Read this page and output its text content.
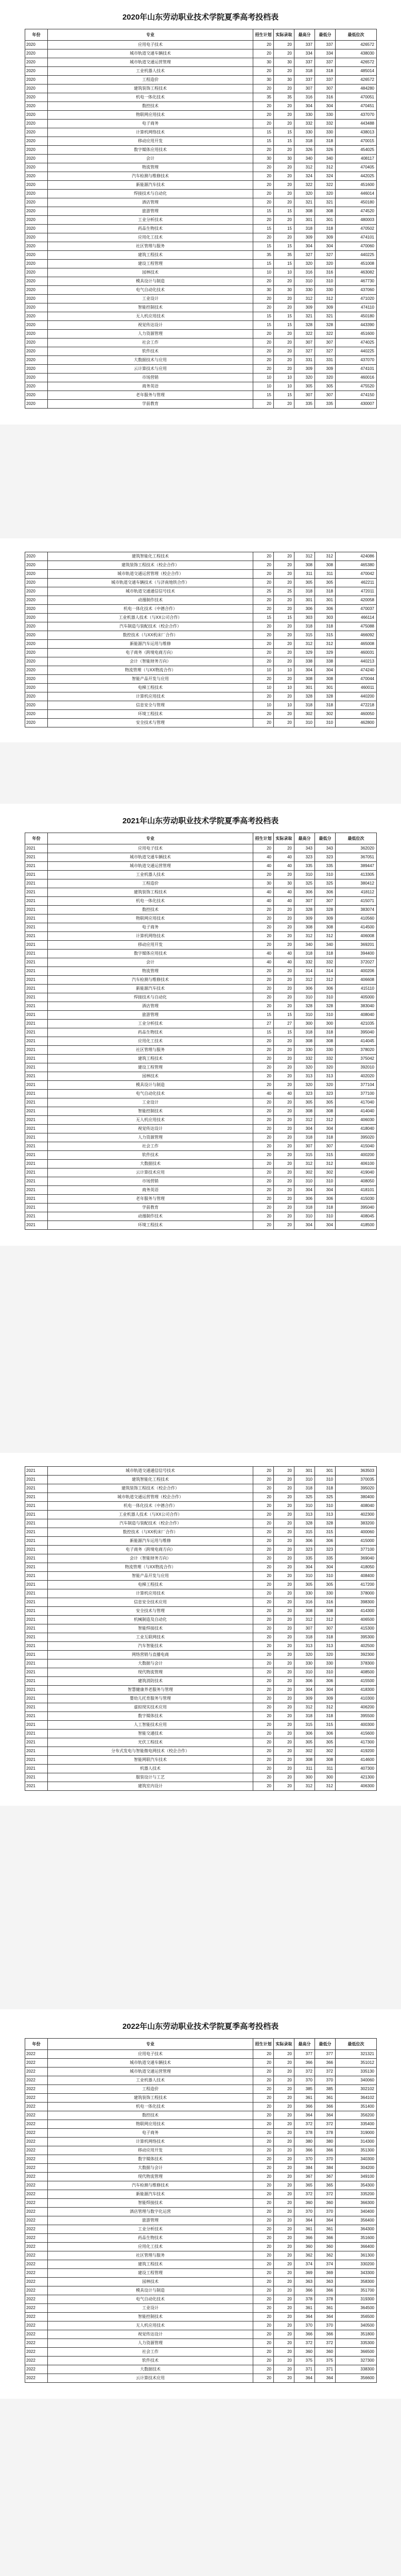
2020年山东劳动职业技术学院夏季高考投档表
年份	专业	招生计划	实际录取	最高分	最低分	最低位次
2020	应用电子技术	20	20	337	337	426572
2020	城市轨道交通车辆技术	20	20	334	334	438030
2020	城市轨道交通运营管理	30	30	337	337	426572
2020	工业机器人技术	20	20	318	318	485014
2020	工程造价	30	30	337	337	426572
2020	建筑装饰工程技术	20	20	307	307	484280
2020	机电一体化技术	35	35	316	316	470051
2020	数控技术	20	20	304	304	470451
2020	物联网应用技术	20	20	330	330	437070
2020	电子商务	20	20	332	332	443488
2020	计算机网络技术	15	15	330	330	438013
2020	移动应用开发	15	15	318	318	470015
2020	数字媒体应用技术	20	20	326	326	454025
2020	会计	30	30	340	340	408117
2020	物流管理	20	20	312	312	470405
2020	汽车检测与维修技术	20	20	324	324	442025
2020	新能源汽车技术	20	20	322	322	451600
2020	焊接技术与自动化	20	20	320	320	446014
2020	酒店管理	20	20	321	321	450180
2020	旅游管理	15	15	308	308	474520
2020	工业分析技术	20	20	301	301	480003
2020	药品生物技术	15	15	318	318	470502
2020	应用化工技术	20	20	309	309	474101
2020	社区管理与服务	15	15	304	304	470060
2020	建筑工程技术	35	35	327	327	440225
2020	建设工程管理	15	15	320	320	451008
2020	园林技术	10	10	316	316	463082
2020	模具设计与制造	20	20	310	310	467730
2020	电气自动化技术	30	30	330	330	437060
2020	工业设计	20	20	312	312	471020
2020	智能控制技术	20	20	309	309	474110
2020	无人机应用技术	15	15	321	321	450180
2020	视觉传达设计	15	15	328	328	443390
2020	人力资源管理	20	20	322	322	451600
2020	社会工作	20	20	307	307	474025
2020	软件技术	20	20	327	327	440225
2020	大数据技术与应用	20	20	331	331	437070
2020	云计算技术与应用	20	20	309	309	474101
2020	市场营销	10	10	320	320	460016
2020	商务英语	10	10	305	305	475520
2020	老年服务与管理	15	15	307	307	474150
2020	学前教育	20	20	335	335	430007
2020	建筑智能化工程技术	20	20	312	312	424086
2020	建筑装饰工程技术（校企合作）	20	20	308	308	465380
2020	城市轨道交通运营管理（校企合作）	20	20	311	311	470042
2020	城市轨道交通车辆技术（与济南地铁合作）	20	20	305	305	462211
2020	城市轨道交通通信信号技术	25	25	318	318	472011
2020	动漫制作技术	20	20	301	301	420058
2020	机电一体化技术（中德合作）	20	20	306	306	470037
2020	工业机器人技术（与XX公司合作）	15	15	303	303	466114
2020	汽车制造与装配技术（校企合作）	20	20	318	318	475088
2020	数控技术（与XX机床厂合作）	20	20	315	315	466092
2020	新能源汽车运用与维修	20	20	312	312	465008
2020	电子商务（跨境电商方向）	20	20	329	329	460031
2020	会计（智能财务方向）	20	20	338	338	440213
2020	物流管理（与XX物流合作）	10	10	304	304	474240
2020	智能产品开发与应用	20	20	308	308	470044
2020	电梯工程技术	10	10	301	301	460011
2020	计算机应用技术	20	20	328	328	440200
2020	信息安全与管理	10	10	318	318	472218
2020	环境工程技术	20	20	302	302	460050
2020	安全技术与管理	20	20	310	310	462800
2021年山东劳动职业技术学院夏季高考投档表
年份	专业	招生计划	实际录取	最高分	最低分	最低位次
2021	应用电子技术	20	20	343	343	362020
2021	城市轨道交通车辆技术	40	40	323	323	367051
2021	城市轨道交通运营管理	40	40	335	335	389447
2021	工业机器人技术	20	20	310	310	413305
2021	工程造价	30	30	325	325	380412
2021	建筑装饰工程技术	40	40	306	306	418112
2021	机电一体化技术	40	40	307	307	415071
2021	数控技术	20	20	328	328	383074
2021	物联网应用技术	20	20	309	309	410560
2021	电子商务	20	20	308	308	414500
2021	计算机网络技术	20	20	312	312	406008
2021	移动应用开发	20	20	340	340	369201
2021	数字媒体应用技术	40	40	318	318	394400
2021	会计	40	40	332	332	372027
2021	物流管理	20	20	314	314	400206
2021	汽车检测与维修技术	20	20	312	312	406608
2021	新能源汽车技术	20	20	306	306	415110
2021	焊接技术与自动化	20	20	310	310	405000
2021	酒店管理	20	20	328	328	383040
2021	旅游管理	15	15	310	310	408040
2021	工业分析技术	27	27	300	300	421035
2021	药品生物技术	15	15	318	318	395040
2021	应用化工技术	20	20	308	308	414045
2021	社区管理与服务	20	20	330	330	378020
2021	建筑工程技术	20	20	332	332	375042
2021	建设工程管理	20	20	320	320	392010
2021	园林技术	20	20	313	313	402020
2021	模具设计与制造	20	20	320	320	377104
2021	电气自动化技术	40	40	323	323	377100
2021	工业设计	20	20	305	305	417040
2021	智能控制技术	20	20	308	308	414040
2021	无人机应用技术	20	20	312	312	406030
2021	视觉传达设计	20	20	304	304	418040
2021	人力资源管理	20	20	318	318	395020
2021	社会工作	20	20	307	307	415040
2021	软件技术	20	20	315	315	400200
2021	大数据技术	20	20	312	312	406100
2021	云计算技术应用	20	20	302	302	419040
2021	市场营销	20	20	310	310	408050
2021	商务英语	20	20	304	304	418101
2021	老年服务与管理	20	20	306	306	415030
2021	学前教育	20	20	318	318	395040
2021	动漫制作技术	20	20	310	310	408045
2021	环境工程技术	20	20	304	304	418500
2021	城市轨道交通通信信号技术	20	20	301	301	363503
2021	建筑智能化工程技术	20	20	310	310	370035
2021	建筑装饰工程技术（校企合作）	20	20	318	318	395020
2021	城市轨道交通运营管理（校企合作）	20	20	325	325	380400
2021	机电一体化技术（中德合作）	20	20	310	310	408040
2021	工业机器人技术（与XX公司合作）	20	20	313	313	402300
2021	汽车制造与装配技术（校企合作）	20	20	328	328	383200
2021	数控技术（与XX机床厂合作）	20	20	315	315	400060
2021	新能源汽车运用与维修	20	20	306	306	415000
2021	电子商务（跨境电商方向）	20	20	323	323	377100
2021	会计（智能财务方向）	20	20	335	335	369040
2021	物流管理（与XX物流合作）	20	20	304	304	418050
2021	智能产品开发与应用	20	20	310	310	408400
2021	电梯工程技术	20	20	305	305	417200
2021	计算机应用技术	20	20	330	330	378000
2021	信息安全技术应用	20	20	316	316	398300
2021	安全技术与管理	20	20	308	308	414300
2021	机械制造及自动化	20	20	312	312	406500
2021	智能焊接技术	20	20	307	307	415300
2021	工业互联网技术	20	20	318	318	395300
2021	汽车智能技术	20	20	313	313	402500
2021	网络营销与直播电商	20	20	320	320	392300
2021	大数据与会计	20	20	330	330	378300
2021	现代物流管理	20	20	310	310	408500
2021	建筑消防技术	20	20	306	306	415500
2021	智慧健康养老服务与管理	20	20	304	304	418300
2021	婴幼儿托育服务与管理	20	20	309	309	410300
2021	虚拟现实技术应用	20	20	312	312	406200
2021	数字媒体技术	20	20	318	318	395500
2021	人工智能技术应用	20	20	315	315	400300
2021	智能交通技术	20	20	306	306	415600
2021	光伏工程技术	20	20	305	305	417300
2021	分布式发电与智能微电网技术（校企合作）	20	20	302	302	419200
2021	智能网联汽车技术	20	20	308	308	414600
2021	机器人技术	20	20	311	311	407300
2021	服装设计与工艺	20	20	300	300	421300
2021	建筑室内设计	20	20	312	312	406300
2022年山东劳动职业技术学院夏季高考投档表
年份	专业	招生计划	实际录取	最高分	最低分	最低位次
2022	应用电子技术	20	20	377	377	321321
2022	城市轨道交通车辆技术	20	20	366	366	351012
2022	城市轨道交通运营管理	20	20	372	372	335130
2022	工业机器人技术	20	20	370	370	340060
2022	工程造价	20	20	385	385	302102
2022	建筑装饰工程技术	20	20	361	361	364102
2022	机电一体化技术	20	20	366	366	351400
2022	数控技术	20	20	364	364	356200
2022	物联网应用技术	20	20	372	372	335400
2022	电子商务	20	20	378	378	319000
2022	计算机网络技术	20	20	380	380	314300
2022	移动应用开发	20	20	366	366	351300
2022	数字媒体技术	20	20	370	370	340300
2022	大数据与会计	20	20	384	384	304200
2022	现代物流管理	20	20	367	367	349100
2022	汽车检测与维修技术	20	20	365	365	354300
2022	新能源汽车技术	20	20	372	372	335200
2022	智能焊接技术	20	20	360	360	366300
2022	酒店管理与数字化运营	20	20	370	370	340400
2022	旅游管理	20	20	364	364	356400
2022	工业分析技术	20	20	361	361	364300
2022	药品生物技术	20	20	366	366	351600
2022	应用化工技术	20	20	360	360	366400
2022	社区管理与服务	20	20	362	362	361300
2022	建筑工程技术	20	20	374	374	330200
2022	建设工程管理	20	20	369	369	343300
2022	园林技术	20	20	363	363	358300
2022	模具设计与制造	20	20	366	366	351700
2022	电气自动化技术	20	20	378	378	319300
2022	工业设计	20	20	361	361	364500
2022	智能控制技术	20	20	364	364	356500
2022	无人机应用技术	20	20	370	370	340500
2022	视觉传达设计	20	20	366	366	351800
2022	人力资源管理	20	20	372	372	335300
2022	社会工作	20	20	360	360	366500
2022	软件技术	20	20	375	375	327300
2022	大数据技术	20	20	371	371	338300
2022	云计算技术应用	20	20	364	364	356600
